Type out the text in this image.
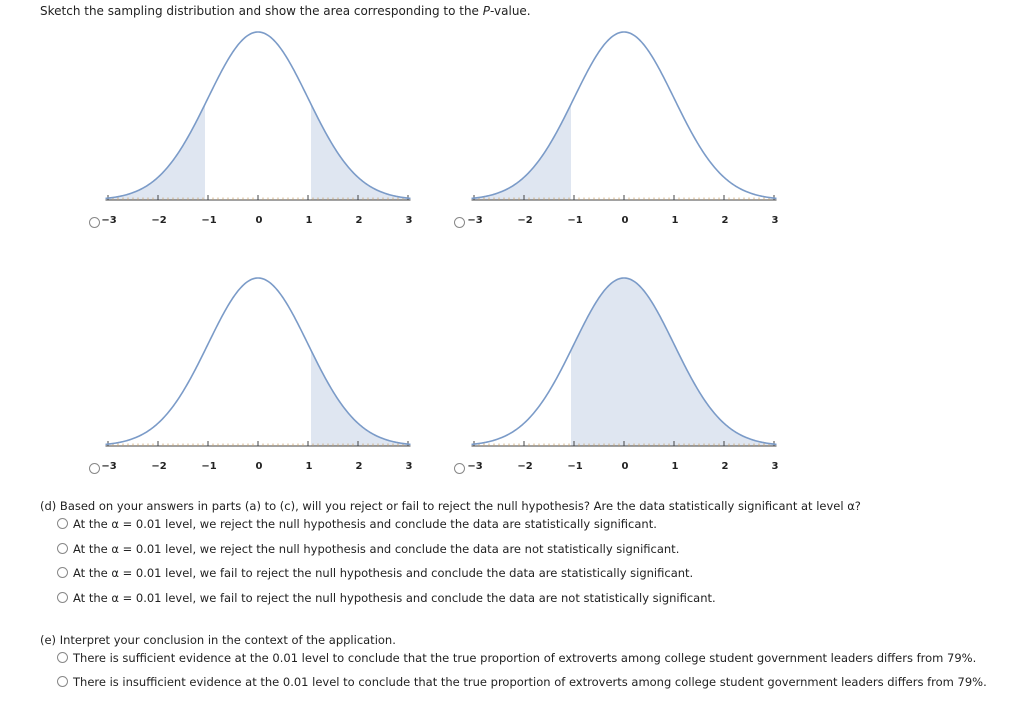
Sketch the sampling distribution and show the area corresponding to the P-value.
−3	−2	−1	0	1	2	3	−3	−2	−1	0	1	2	3
−3	−2	−1	0	1	2	3	−3	−2	−1	0	1	2	3
(d) Based on your answers in parts (a) to (c), will you reject or fail to reject the null hypothesis? Are the data statistically significant at level α?
At the α = 0.01 level, we reject the null hypothesis and conclude the data are statistically significant.
At the α = 0.01 level, we reject the null hypothesis and conclude the data are not statistically significant.
At the α = 0.01 level, we fail to reject the null hypothesis and conclude the data are statistically significant.
At the α = 0.01 level, we fail to reject the null hypothesis and conclude the data are not statistically significant.
(e) Interpret your conclusion in the context of the application.
There is sufficient evidence at the 0.01 level to conclude that the true proportion of extroverts among college student government leaders differs from 79%.
There is insufficient evidence at the 0.01 level to conclude that the true proportion of extroverts among college student government leaders differs from 79%.
